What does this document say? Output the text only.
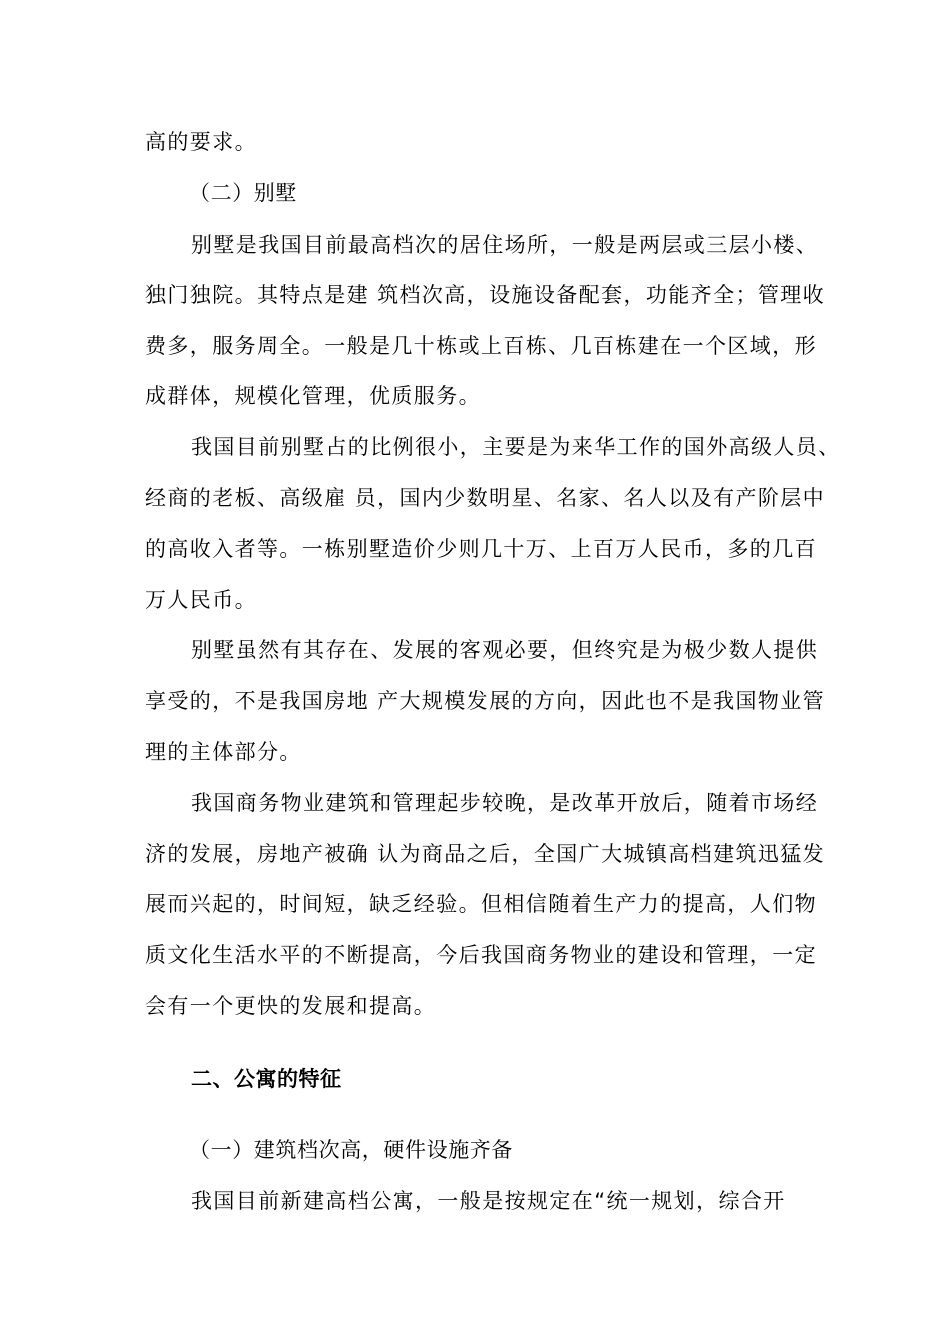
高的要求。
（二）别墅
别墅是我国目前最高档次的居住场所，一般是两层或三层小楼、
独门独院。其特点是建 筑档次高，设施设备配套，功能齐全；管理收
费多，服务周全。一般是几十栋或上百栋、几百栋建在一个区域，形
成群体，规模化管理，优质服务。
我国目前别墅占的比例很小，主要是为来华工作的国外高级人员、
经商的老板、高级雇 员，国内少数明星、名家、名人以及有产阶层中
的高收入者等。一栋别墅造价少则几十万、上百万人民币，多的几百
万人民币。
别墅虽然有其存在、发展的客观必要，但终究是为极少数人提供
享受的，不是我国房地 产大规模发展的方向，因此也不是我国物业管
理的主体部分。
我国商务物业建筑和管理起步较晚，是改革开放后，随着市场经
济的发展，房地产被确 认为商品之后，全国广大城镇高档建筑迅猛发
展而兴起的，时间短，缺乏经验。但相信随着生产力的提高，人们物
质文化生活水平的不断提高，今后我国商务物业的建设和管理，一定
会有一个更快的发展和提高。
二、公寓的特征
（一）建筑档次高，硬件设施齐备
我国目前新建高档公寓，一般是按规定在“统一规划，综合开
